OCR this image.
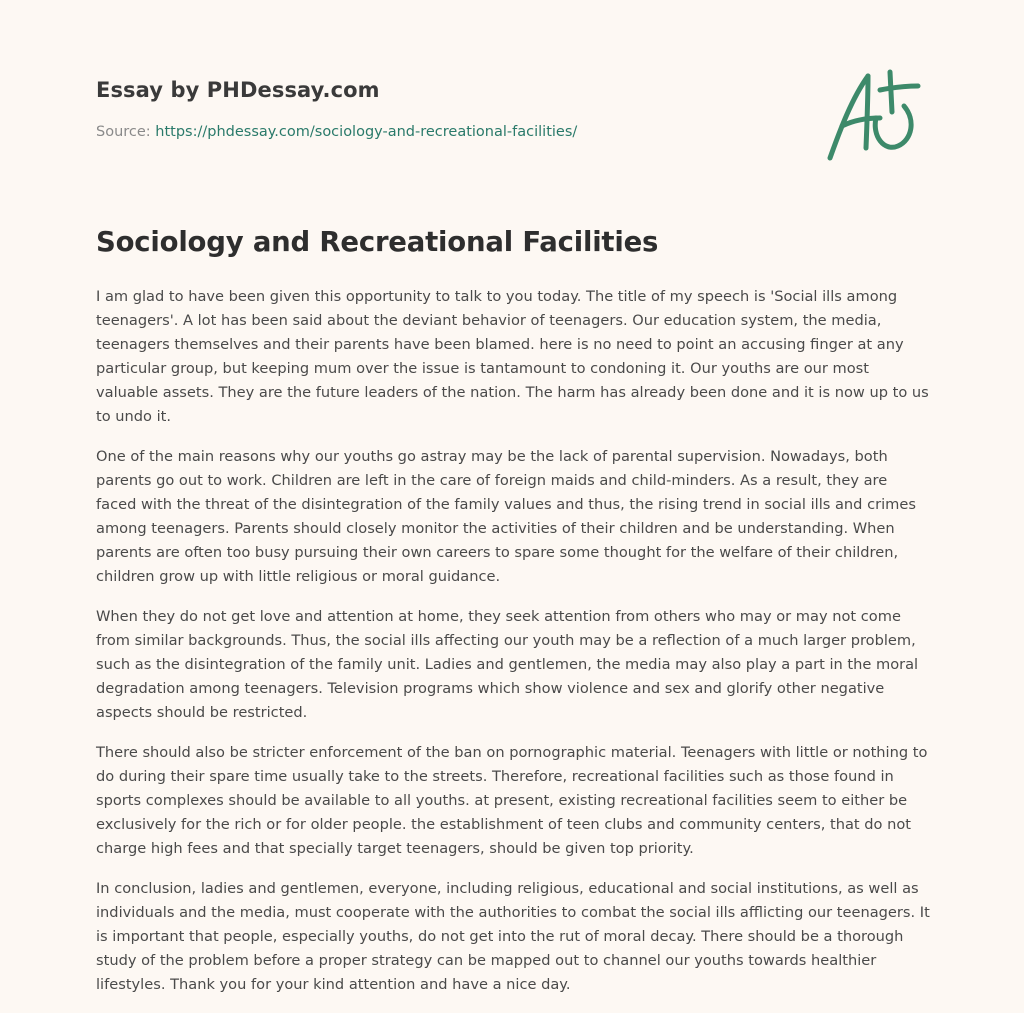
Essay by PHDessay.com
Source: https://phdessay.com/sociology-and-recreational-facilities/
Sociology and Recreational Facilities

I am glad to have been given this opportunity to talk to you today. The title of my speech is 'Social ills among teenagers'. A lot has been said about the deviant behavior of teenagers. Our education system, the media, teenagers themselves and their parents have been blamed. here is no need to point an accusing finger at any particular group, but keeping mum over the issue is tantamount to condoning it. Our youths are our most valuable assets. They are the future leaders of the nation. The harm has already been done and it is now up to us to undo it.

One of the main reasons why our youths go astray may be the lack of parental supervision. Nowadays, both parents go out to work. Children are left in the care of foreign maids and child-minders. As a result, they are faced with the threat of the disintegration of the family values and thus, the rising trend in social ills and crimes among teenagers. Parents should closely monitor the activities of their children and be understanding. When parents are often too busy pursuing their own careers to spare some thought for the welfare of their children, children grow up with little religious or moral guidance.

When they do not get love and attention at home, they seek attention from others who may or may not come from similar backgrounds. Thus, the social ills affecting our youth may be a reflection of a much larger problem, such as the disintegration of the family unit. Ladies and gentlemen, the media may also play a part in the moral degradation among teenagers. Television programs which show violence and sex and glorify other negative aspects should be restricted.

There should also be stricter enforcement of the ban on pornographic material. Teenagers with little or nothing to do during their spare time usually take to the streets. Therefore, recreational facilities such as those found in sports complexes should be available to all youths. at present, existing recreational facilities seem to either be exclusively for the rich or for older people. the establishment of teen clubs and community centers, that do not charge high fees and that specially target teenagers, should be given top priority.

In conclusion, ladies and gentlemen, everyone, including religious, educational and social institutions, as well as individuals and the media, must cooperate with the authorities to combat the social ills afflicting our teenagers. It is important that people, especially youths, do not get into the rut of moral decay. There should be a thorough study of the problem before a proper strategy can be mapped out to channel our youths towards healthier lifestyles. Thank you for your kind attention and have a nice day.
